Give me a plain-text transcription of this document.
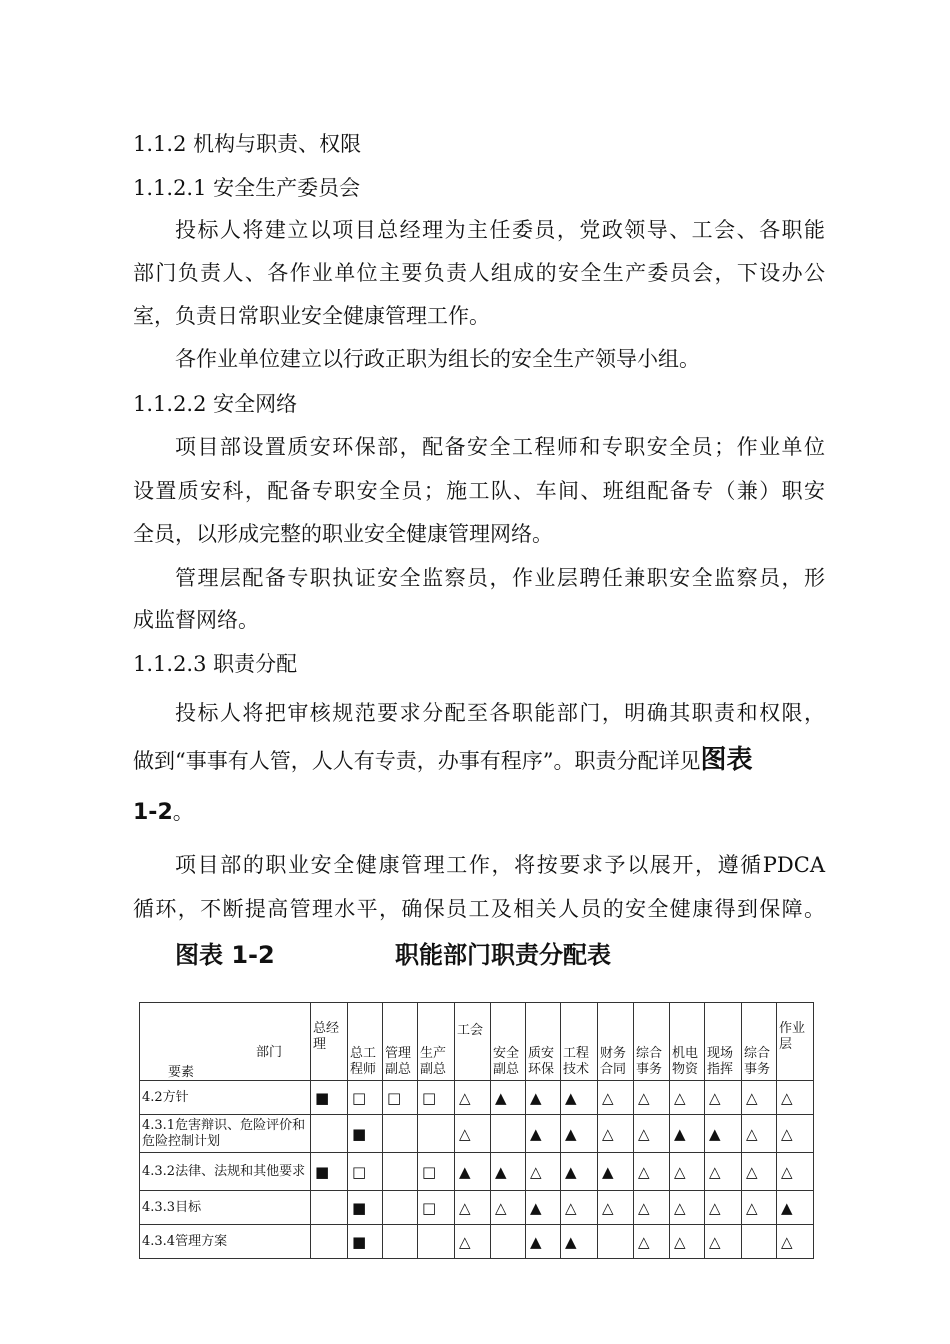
1.1.2 机构与职责、权限
1.1.2.1 安全生产委员会
投标人将建立以项目总经理为主任委员，党政领导、工会、各职能
部门负责人、各作业单位主要负责人组成的安全生产委员会，下设办公
室，负责日常职业安全健康管理工作。
各作业单位建立以行政正职为组长的安全生产领导小组。
1.1.2.2 安全网络
项目部设置质安环保部，配备安全工程师和专职安全员；作业单位
设置质安科，配备专职安全员；施工队、车间、班组配备专（兼）职安
全员，以形成完整的职业安全健康管理网络。
管理层配备专职执证安全监察员，作业层聘任兼职安全监察员，形
成监督网络。
1.1.2.3 职责分配
投标人将把审核规范要求分配至各职能部门，明确其职责和权限，
做到“事事有人管，人人有专责，办事有程序”。职责分配详见图表
1-2。
项目部的职业安全健康管理工作，将按要求予以展开，遵循PDCA
循环，不断提高管理水平，确保员工及相关人员的安全健康得到保障。
图表 1-2	职能部门职责分配表
部门
要素	总经理	总工程师	管理副总	生产副总	工会	安全副总	质安环保	工程技术	财务合同	综合事务	机电物资	现场指挥	综合事务	作业层
4.2方针	■	□	□	□	△	▲	▲	▲	△	△	△	△	△	△
4.3.1危害辩识、危险评价和危险控制计划		■			△		▲	▲	△	△	▲	▲	△	△
4.3.2法律、法规和其他要求	■	□		□	▲	▲	△	▲	▲	△	△	△	△	△
4.3.3目标		■		□	△	△	▲	△	△	△	△	△	△	▲
4.3.4管理方案		■			△		▲	▲		△	△	△		△
